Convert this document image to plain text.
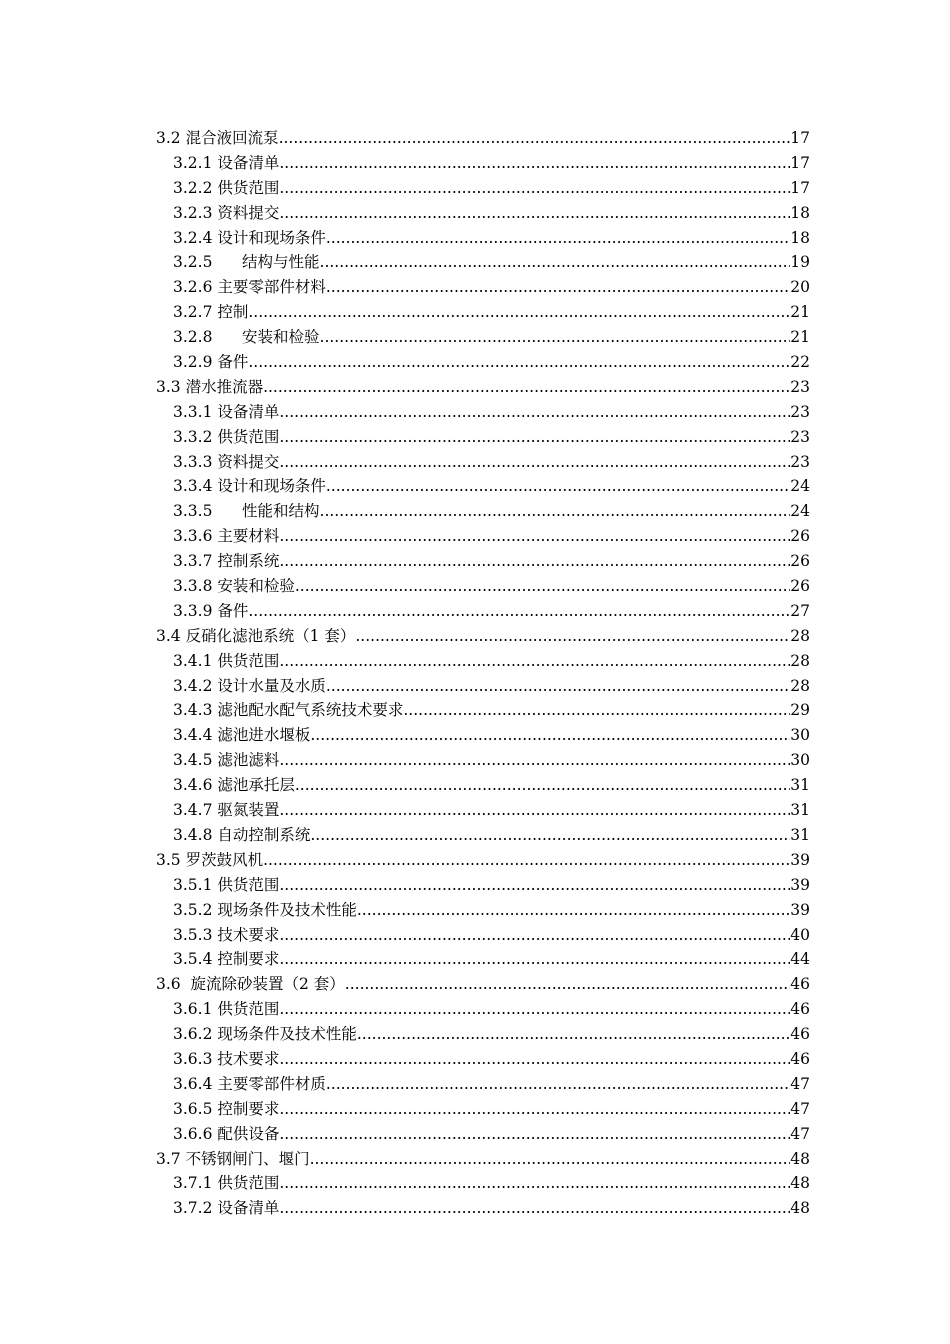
3.2 混合液回流泵 .....	17
3.2.1 设备清单 .....	17
3.2.2 供货范围 .....	17
3.2.3 资料提交 .....	18
3.2.4 设计和现场条件 .....	18
3.2.5      结构与性能 .....	19
3.2.6 主要零部件材料 .....	20
3.2.7 控制 .....	21
3.2.8      安装和检验 .....	21
3.2.9 备件 .....	22
3.3 潜水推流器 .....	23
3.3.1 设备清单 .....	23
3.3.2 供货范围 .....	23
3.3.3 资料提交 .....	23
3.3.4 设计和现场条件 .....	24
3.3.5      性能和结构 .....	24
3.3.6 主要材料 .....	26
3.3.7 控制系统 .....	26
3.3.8 安装和检验 .....	26
3.3.9 备件 .....	27
3.4 反硝化滤池系统（1 套） .....	28
3.4.1 供货范围 .....	28
3.4.2 设计水量及水质 .....	28
3.4.3 滤池配水配气系统技术要求 .....	29
3.4.4 滤池进水堰板 .....	30
3.4.5 滤池滤料 .....	30
3.4.6 滤池承托层 .....	31
3.4.7 驱氮装置 .....	31
3.4.8 自动控制系统 .....	31
3.5 罗茨鼓风机 .....	39
3.5.1 供货范围 .....	39
3.5.2 现场条件及技术性能 .....	39
3.5.3 技术要求 .....	40
3.5.4 控制要求 .....	44
3.6  旋流除砂装置（2 套） .....	46
3.6.1 供货范围 .....	46
3.6.2 现场条件及技术性能 .....	46
3.6.3 技术要求 .....	46
3.6.4 主要零部件材质 .....	47
3.6.5 控制要求 .....	47
3.6.6 配供设备 .....	47
3.7 不锈钢闸门、堰门 .....	48
3.7.1 供货范围 .....	48
3.7.2 设备清单 .....	48
